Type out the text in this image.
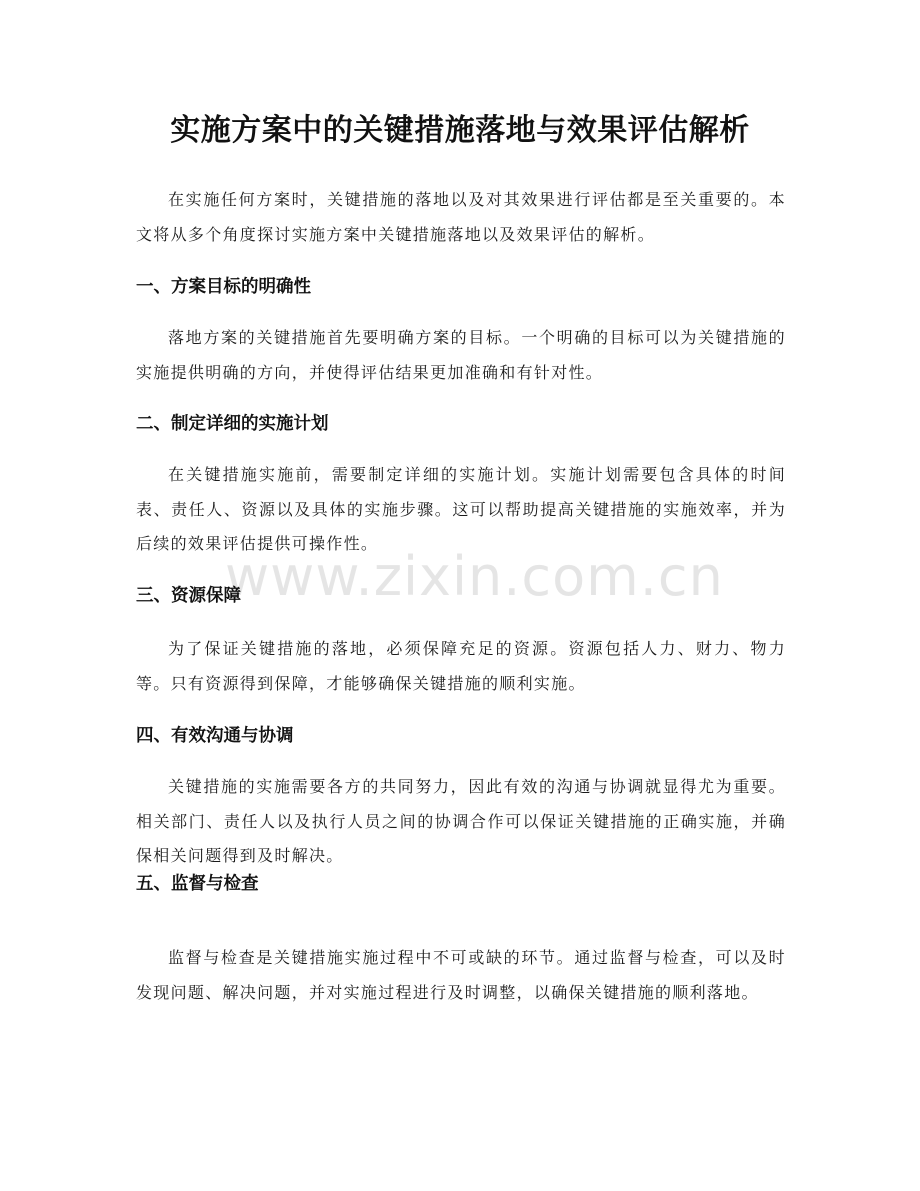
实施方案中的关键措施落地与效果评估解析

在实施任何方案时，关键措施的落地以及对其效果进行评估都是至关重要的。本文将从多个角度探讨实施方案中关键措施落地以及效果评估的解析。

一、方案目标的明确性

落地方案的关键措施首先要明确方案的目标。一个明确的目标可以为关键措施的实施提供明确的方向，并使得评估结果更加准确和有针对性。

二、制定详细的实施计划

在关键措施实施前，需要制定详细的实施计划。实施计划需要包含具体的时间表、责任人、资源以及具体的实施步骤。这可以帮助提高关键措施的实施效率，并为后续的效果评估提供可操作性。

www.zixin.com.cn
三、资源保障

为了保证关键措施的落地，必须保障充足的资源。资源包括人力、财力、物力等。只有资源得到保障，才能够确保关键措施的顺利实施。

四、有效沟通与协调

关键措施的实施需要各方的共同努力，因此有效的沟通与协调就显得尤为重要。相关部门、责任人以及执行人员之间的协调合作可以保证关键措施的正确实施，并确保相关问题得到及时解决。

五、监督与检查

监督与检查是关键措施实施过程中不可或缺的环节。通过监督与检查，可以及时发现问题、解决问题，并对实施过程进行及时调整，以确保关键措施的顺利落地。
